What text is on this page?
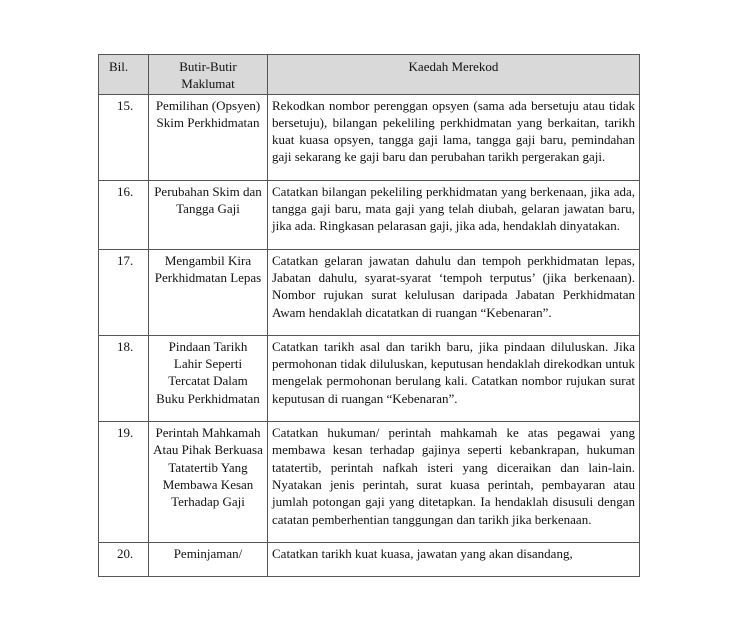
Bil.	Butir-Butir Maklumat	Kaedah Merekod
15.	Pemilihan (Opsyen) Skim Perkhidmatan	Rekodkan nombor perenggan opsyen (sama ada bersetuju atau tidak bersetuju), bilangan pekeliling perkhidmatan yang berkaitan, tarikh kuat kuasa opsyen, tangga gaji lama, tangga gaji baru, pemindahan gaji sekarang ke gaji baru dan perubahan tarikh pergerakan gaji.
16.	Perubahan Skim dan Tangga Gaji	Catatkan bilangan pekeliling perkhidmatan yang berkenaan, jika ada, tangga gaji baru, mata gaji yang telah diubah, gelaran jawatan baru, jika ada. Ringkasan pelarasan gaji, jika ada, hendaklah dinyatakan.
17.	Mengambil Kira Perkhidmatan Lepas	Catatkan gelaran jawatan dahulu dan tempoh perkhidmatan lepas, Jabatan dahulu, syarat-syarat ‘tempoh terputus’ (jika berkenaan). Nombor rujukan surat kelulusan daripada Jabatan Perkhidmatan Awam hendaklah dicatatkan di ruangan “Kebenaran”.
18.	Pindaan Tarikh Lahir Seperti Tercatat Dalam Buku Perkhidmatan	Catatkan tarikh asal dan tarikh baru, jika pindaan diluluskan. Jika permohonan tidak diluluskan, keputusan hendaklah direkodkan untuk mengelak permohonan berulang kali. Catatkan nombor rujukan surat keputusan di ruangan “Kebenaran”.
19.	Perintah Mahkamah Atau Pihak Berkuasa Tatatertib Yang Membawa Kesan Terhadap Gaji	Catatkan hukuman/ perintah mahkamah ke atas pegawai yang membawa kesan terhadap gajinya seperti kebankrapan, hukuman tatatertib, perintah nafkah isteri yang diceraikan dan lain-lain. Nyatakan jenis perintah, surat kuasa perintah, pembayaran atau jumlah potongan gaji yang ditetapkan. Ia hendaklah disusuli dengan catatan pemberhentian tanggungan dan tarikh jika berkenaan.
20.	Peminjaman/	Catatkan tarikh kuat kuasa, jawatan yang akan disandang,
